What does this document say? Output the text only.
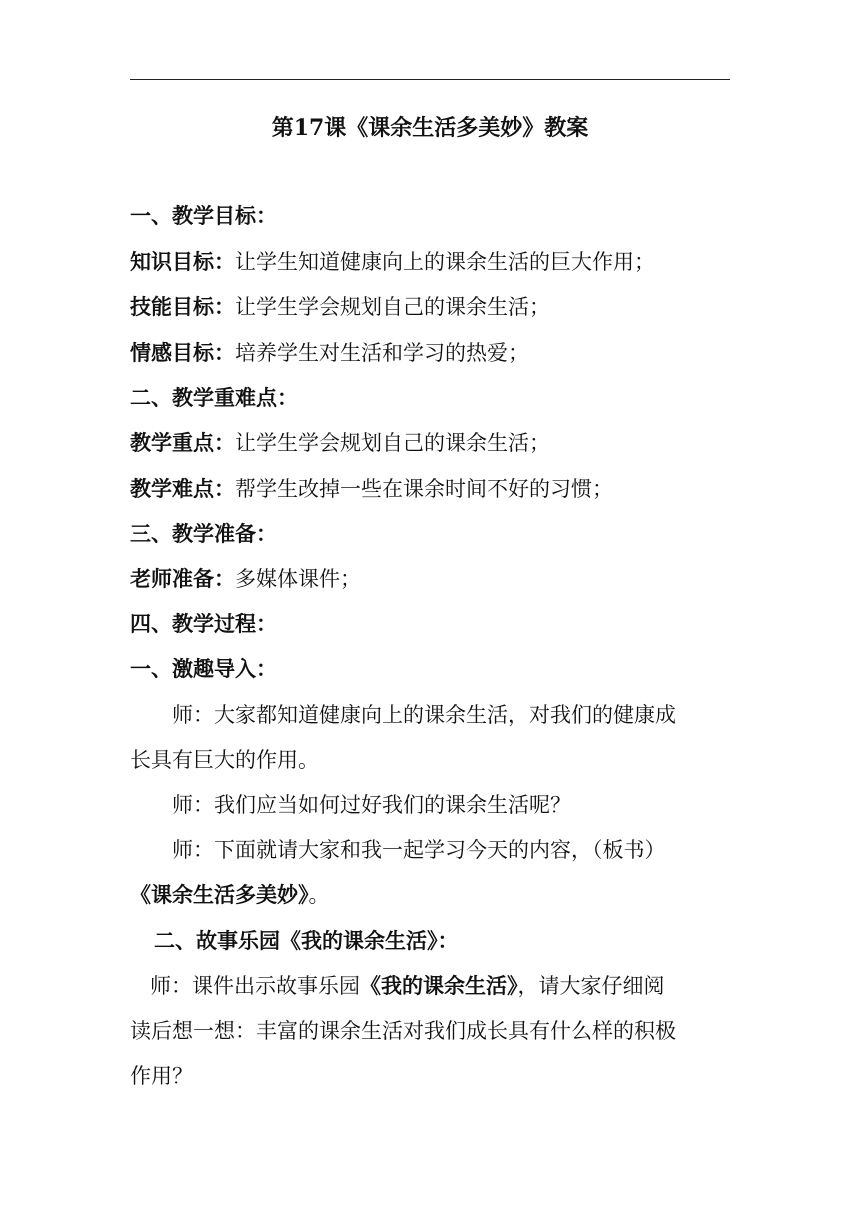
第17课《课余生活多美妙》教案
一、教学目标：
知识目标：让学生知道健康向上的课余生活的巨大作用；
技能目标：让学生学会规划自己的课余生活；
情感目标：培养学生对生活和学习的热爱；
二、教学重难点：
教学重点：让学生学会规划自己的课余生活；
教学难点：帮学生改掉一些在课余时间不好的习惯；
三、教学准备：
老师准备：多媒体课件；
四、教学过程：
一、激趣导入：
师：大家都知道健康向上的课余生活，对我们的健康成
长具有巨大的作用。
师：我们应当如何过好我们的课余生活呢？
师：下面就请大家和我一起学习今天的内容，（板书）
《课余生活多美妙》。
二、故事乐园《我的课余生活》：
师：课件出示故事乐园《我的课余生活》，请大家仔细阅
读后想一想：丰富的课余生活对我们成长具有什么样的积极
作用？
